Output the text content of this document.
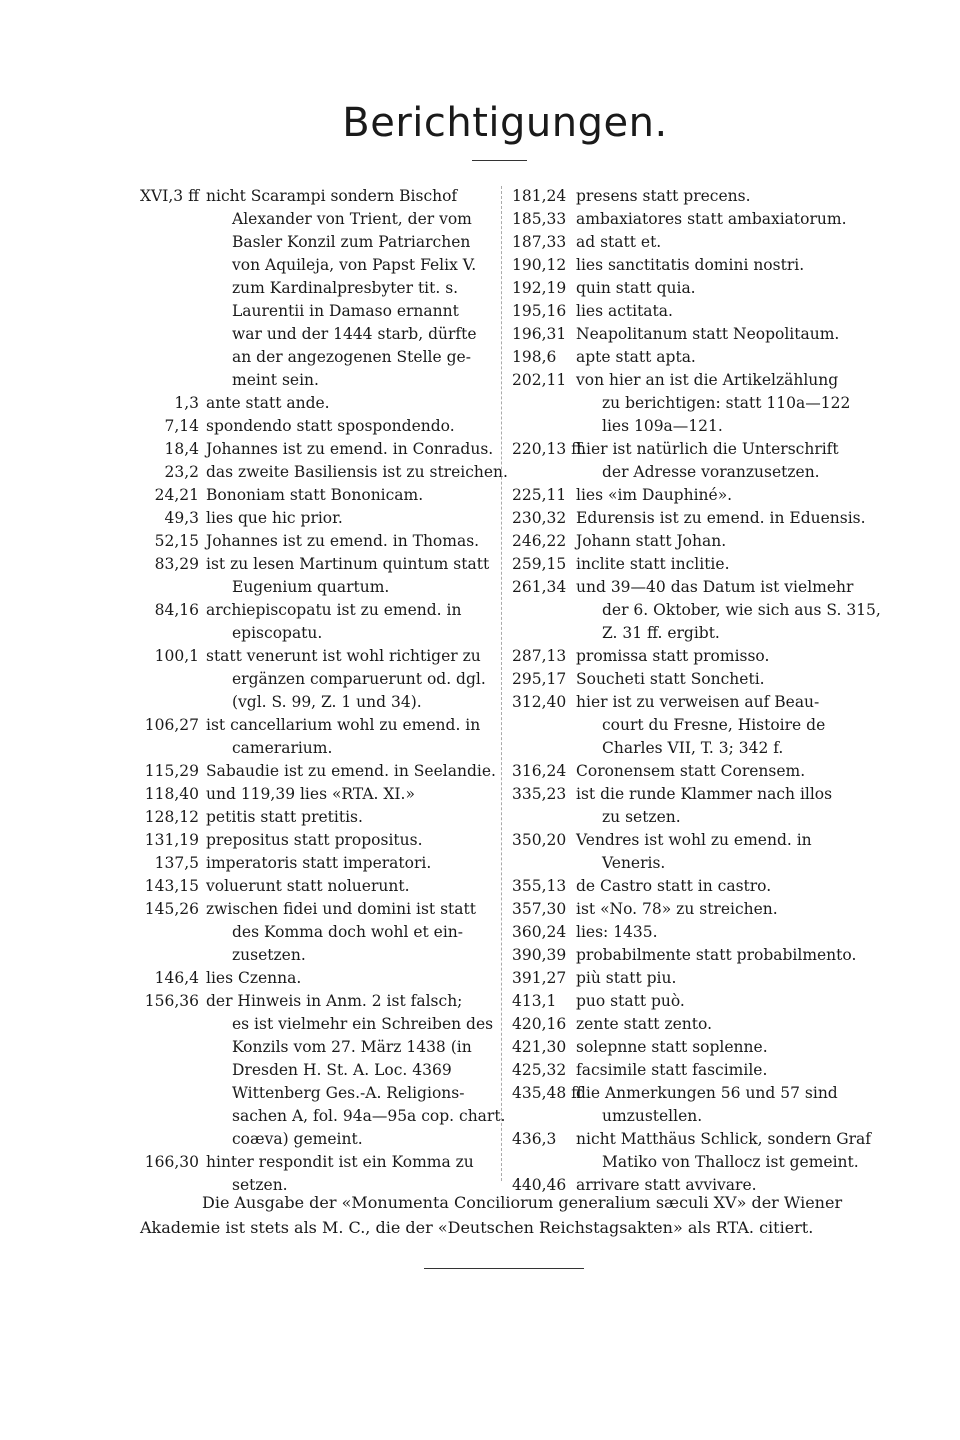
Berichtigungen.
XVI,3 ff nicht Scarampi sondern Bischof
Alexander von Trient, der vom
Basler Konzil zum Patriarchen
von Aquileja, von Papst Felix V.
zum Kardinalpresbyter tit. s.
Laurentii in Damaso ernannt
war und der 1444 starb, dürfte
an der angezogenen Stelle ge-
meint sein.
1,3 ante statt ande.
7,14 spondendo statt spospondendo.
18,4 Johannes ist zu emend. in Conradus.
23,2 das zweite Basiliensis ist zu streichen.
24,21 Bononiam statt Bononicam.
49,3 lies que hic prior.
52,15 Johannes ist zu emend. in Thomas.
83,29 ist zu lesen Martinum quintum statt
Eugenium quartum.
84,16 archiepiscopatu ist zu emend. in
episcopatu.
100,1 statt venerunt ist wohl richtiger zu
ergänzen comparuerunt od. dgl.
(vgl. S. 99, Z. 1 und 34).
106,27 ist cancellarium wohl zu emend. in
camerarium.
115,29 Sabaudie ist zu emend. in Seelandie.
118,40 und 119,39 lies «RTA. XI.»
128,12 petitis statt pretitis.
131,19 prepositus statt propositus.
137,5 imperatoris statt imperatori.
143,15 voluerunt statt noluerunt.
145,26 zwischen fidei und domini ist statt
des Komma doch wohl et ein-
zusetzen.
146,4 lies Czenna.
156,36 der Hinweis in Anm. 2 ist falsch;
es ist vielmehr ein Schreiben des
Konzils vom 27. März 1438 (in
Dresden H. St. A. Loc. 4369
Wittenberg Ges.-A. Religions-
sachen A, fol. 94a—95a cop. chart.
coæva) gemeint.
166,30 hinter respondit ist ein Komma zu
setzen.
181,24 presens statt precens.
185,33 ambaxiatores statt ambaxiatorum.
187,33 ad statt et.
190,12 lies sanctitatis domini nostri.
192,19 quin statt quia.
195,16 lies actitata.
196,31 Neapolitanum statt Neopolitaum.
198,6	apte statt apta.
202,11 von hier an ist die Artikelzählung
zu berichtigen: statt 110a—122
lies 109a—121.
220,13 ff.
hier ist natürlich die Unterschrift
der Adresse voranzusetzen.
225,11 lies «im Dauphiné».
230,32 Edurensis ist zu emend. in Eduensis.
246,22 Johann statt Johan.
259,15 inclite statt inclitie.
261,34 und 39—40 das Datum ist vielmehr
der 6. Oktober, wie sich aus S. 315,
Z. 31 ff. ergibt.
287,13 promissa statt promisso.
295,17 Soucheti statt Soncheti.
312,40 hier ist zu verweisen auf Beau-
court du Fresne, Histoire de
Charles VII, T. 3; 342 f.
316,24 Coronensem statt Corensem.
335,23 ist die runde Klammer nach illos
zu setzen.
350,20 Vendres ist wohl zu emend. in
Veneris.
355,13 de Castro statt in castro.
357,30 ist «No. 78» zu streichen.
360,24 lies: 1435.
390,39 probabilmente statt probabilmento.
391,27 più statt piu.
413,1	puo statt può.
420,16 zente statt zento.
421,30 solepnne statt soplenne.
425,32 facsimile statt fascimile.
435,48 ff
die Anmerkungen 56 und 57 sind
umzustellen.
436,3	nicht Matthäus Schlick, sondern Graf
Matiko von Thallocz ist gemeint.
440,46 arrivare statt avvivare.
Die Ausgabe der «Monumenta Conciliorum generalium sæculi XV» der Wiener
Akademie ist stets als M. C., die der «Deutschen Reichstagsakten» als RTA. citiert.
